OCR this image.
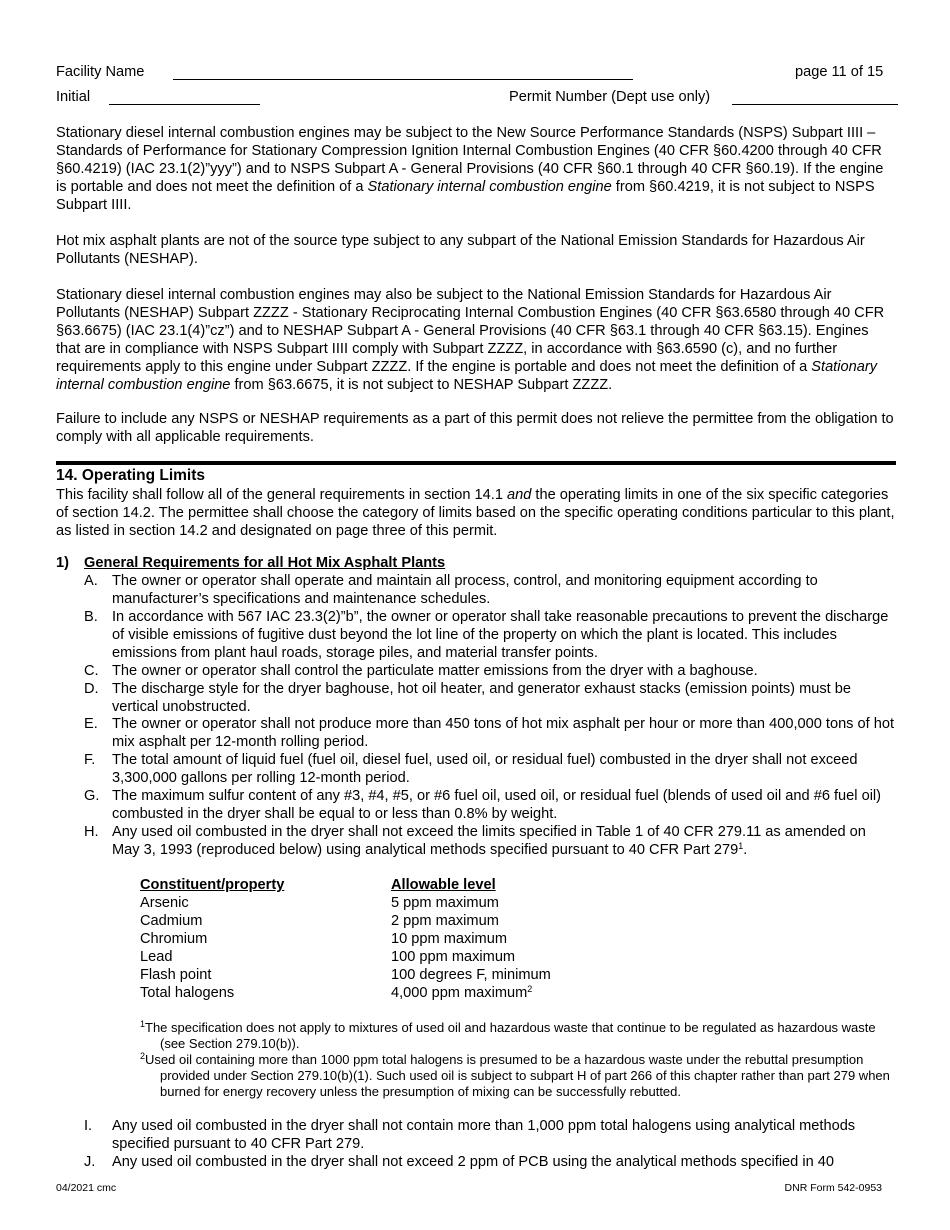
Facility Name	page 11 of 15
Initial	Permit Number (Dept use only)

Stationary diesel internal combustion engines may be subject to the New Source Performance Standards (NSPS) Subpart IIII – Standards of Performance for Stationary Compression Ignition Internal Combustion Engines (40 CFR §60.4200 through 40 CFR §60.4219) (IAC 23.1(2)”yyy”) and to NSPS Subpart A - General Provisions (40 CFR §60.1 through 40 CFR §60.19). If the engine is portable and does not meet the definition of a Stationary internal combustion engine from §60.4219, it is not subject to NSPS Subpart IIII.

Hot mix asphalt plants are not of the source type subject to any subpart of the National Emission Standards for Hazardous Air Pollutants (NESHAP).

Stationary diesel internal combustion engines may also be subject to the National Emission Standards for Hazardous Air Pollutants (NESHAP) Subpart ZZZZ - Stationary Reciprocating Internal Combustion Engines (40 CFR §63.6580 through 40 CFR §63.6675) (IAC 23.1(4)”cz”) and to NESHAP Subpart A - General Provisions (40 CFR §63.1 through 40 CFR §63.15). Engines that are in compliance with NSPS Subpart IIII comply with Subpart ZZZZ, in accordance with §63.6590 (c), and no further requirements apply to this engine under Subpart ZZZZ. If the engine is portable and does not meet the definition of a Stationary internal combustion engine from §63.6675, it is not subject to NESHAP Subpart ZZZZ.

Failure to include any NSPS or NESHAP requirements as a part of this permit does not relieve the permittee from the obligation to comply with all applicable requirements.

14. Operating Limits

This facility shall follow all of the general requirements in section 14.1 and the operating limits in one of the six specific categories of section 14.2. The permittee shall choose the category of limits based on the specific operating conditions particular to this plant, as listed in section 14.2 and designated on page three of this permit.

1) General Requirements for all Hot Mix Asphalt Plants
A. The owner or operator shall operate and maintain all process, control, and monitoring equipment according to manufacturer’s specifications and maintenance schedules.
B. In accordance with 567 IAC 23.3(2)”b”, the owner or operator shall take reasonable precautions to prevent the discharge of visible emissions of fugitive dust beyond the lot line of the property on which the plant is located. This includes emissions from plant haul roads, storage piles, and material transfer points.
C. The owner or operator shall control the particulate matter emissions from the dryer with a baghouse.
D. The discharge style for the dryer baghouse, hot oil heater, and generator exhaust stacks (emission points) must be vertical unobstructed.
E. The owner or operator shall not produce more than 450 tons of hot mix asphalt per hour or more than 400,000 tons of hot mix asphalt per 12-month rolling period.
F. The total amount of liquid fuel (fuel oil, diesel fuel, used oil, or residual fuel) combusted in the dryer shall not exceed 3,300,000 gallons per rolling 12-month period.
G. The maximum sulfur content of any #3, #4, #5, or #6 fuel oil, used oil, or residual fuel (blends of used oil and #6 fuel oil) combusted in the dryer shall be equal to or less than 0.8% by weight.
H. Any used oil combusted in the dryer shall not exceed the limits specified in Table 1 of 40 CFR 279.11 as amended on May 3, 1993 (reproduced below) using analytical methods specified pursuant to 40 CFR Part $279^1$.
Constituent/property	Allowable level
Arsenic	5 ppm maximum
Cadmium	2 ppm maximum
Chromium	10 ppm maximum
Lead	100 ppm maximum
Flash point	100 degrees F, minimum
Total halogens	4,000 ppm maximum$^2$
$^1$The specification does not apply to mixtures of used oil and hazardous waste that continue to be regulated as hazardous waste (see Section 279.10(b)).
$^2$Used oil containing more than 1000 ppm total halogens is presumed to be a hazardous waste under the rebuttal presumption provided under Section 279.10(b)(1). Such used oil is subject to subpart H of part 266 of this chapter rather than part 279 when burned for energy recovery unless the presumption of mixing can be successfully rebutted.
I. Any used oil combusted in the dryer shall not contain more than 1,000 ppm total halogens using analytical methods specified pursuant to 40 CFR Part 279.
J. Any used oil combusted in the dryer shall not exceed 2 ppm of PCB using the analytical methods specified in 40
04/2021 cmc	DNR Form 542-0953
